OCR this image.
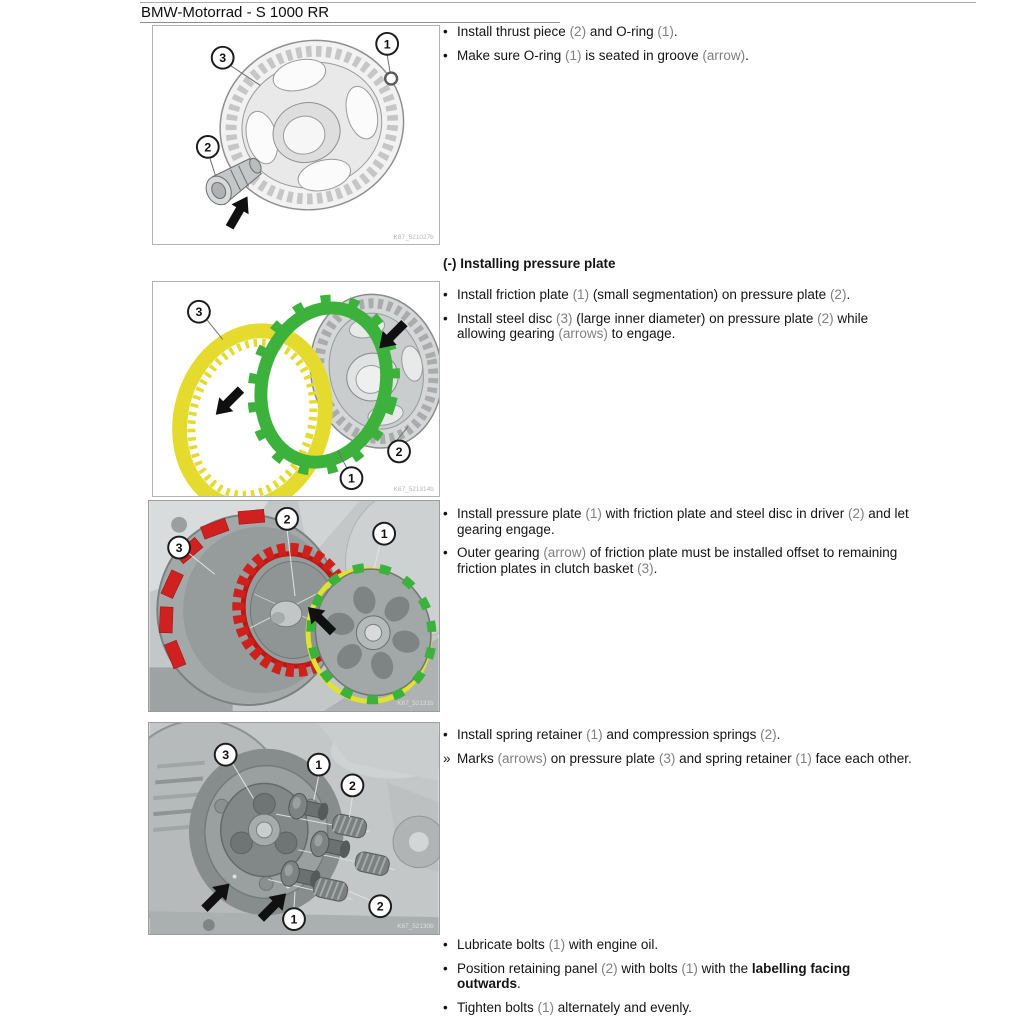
BMW-Motorrad - S 1000 RR
3
1
2
K67_521027b
3
2
1
K67_521314b
3
2
1
K67_52131b
3
1
2
1
2
K67_52130b
• Install thrust piece (2) and O-ring (1).
• Make sure O-ring (1) is seated in groove (arrow).
(-) Installing pressure plate
• Install friction plate (1) (small segmentation) on pressure plate (2).
• Install steel disc (3) (large inner diameter) on pressure plate (2) while
allowing gearing (arrows) to engage.
• Install pressure plate (1) with friction plate and steel disc in driver (2) and let
gearing engage.
• Outer gearing (arrow) of friction plate must be installed offset to remaining
friction plates in clutch basket (3).
• Install spring retainer (1) and compression springs (2).
» Marks (arrows) on pressure plate (3) and spring retainer (1) face each other.
• Lubricate bolts (1) with engine oil.
• Position retaining panel (2) with bolts (1) with the labelling facing
outwards.
• Tighten bolts (1) alternately and evenly.
